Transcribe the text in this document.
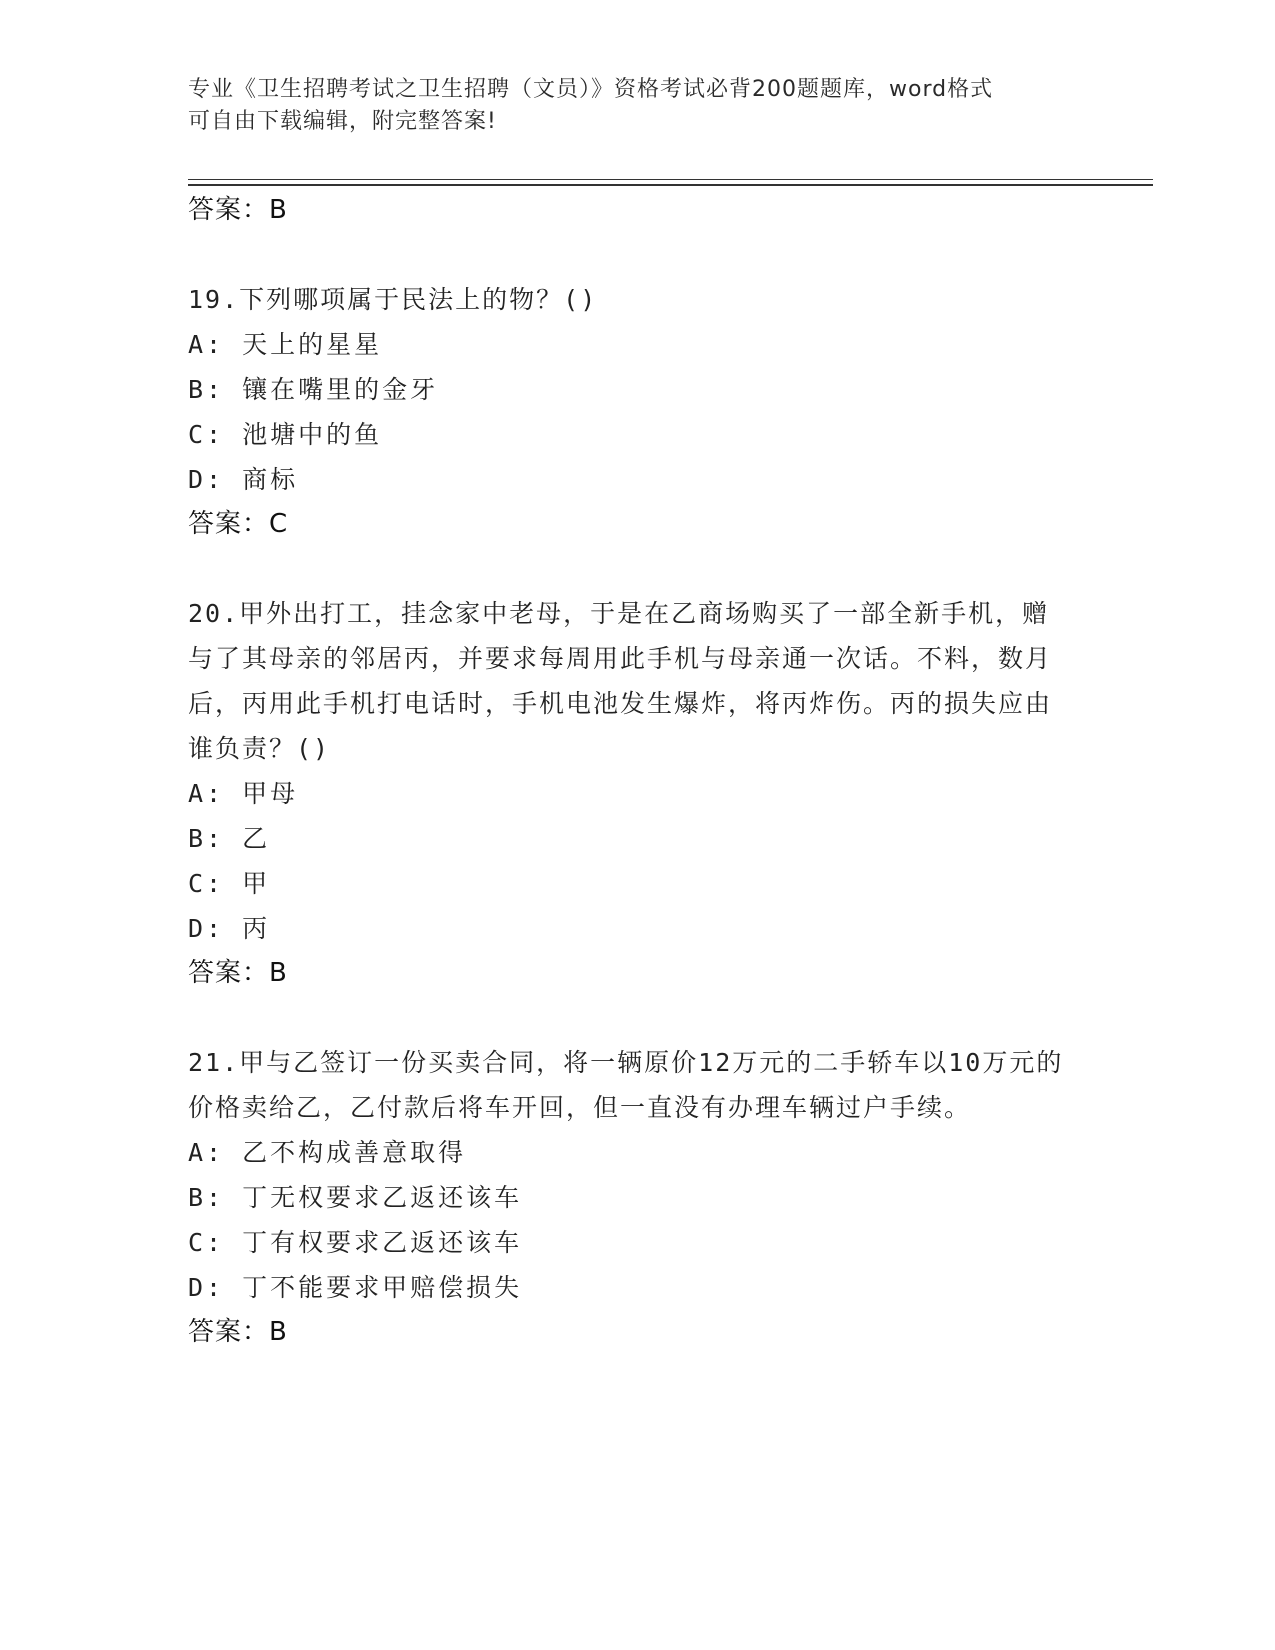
专业《卫生招聘考试之卫生招聘（文员）》资格考试必背200题题库，word格式
可自由下载编辑，附完整答案!
答案：B
19.下列哪项属于民法上的物？()
A: 天上的星星
B: 镶在嘴里的金牙
C: 池塘中的鱼
D: 商标
答案：C
20.甲外出打工，挂念家中老母，于是在乙商场购买了一部全新手机，赠与了其母亲的邻居丙，并要求每周用此手机与母亲通一次话。不料，数月后，丙用此手机打电话时，手机电池发生爆炸，将丙炸伤。丙的损失应由谁负责？()
A: 甲母
B: 乙
C: 甲
D: 丙
答案：B
21.甲与乙签订一份买卖合同，将一辆原价12万元的二手轿车以10万元的价格卖给乙，乙付款后将车开回，但一直没有办理车辆过户手续。
A: 乙不构成善意取得
B: 丁无权要求乙返还该车
C: 丁有权要求乙返还该车
D: 丁不能要求甲赔偿损失
答案：B
